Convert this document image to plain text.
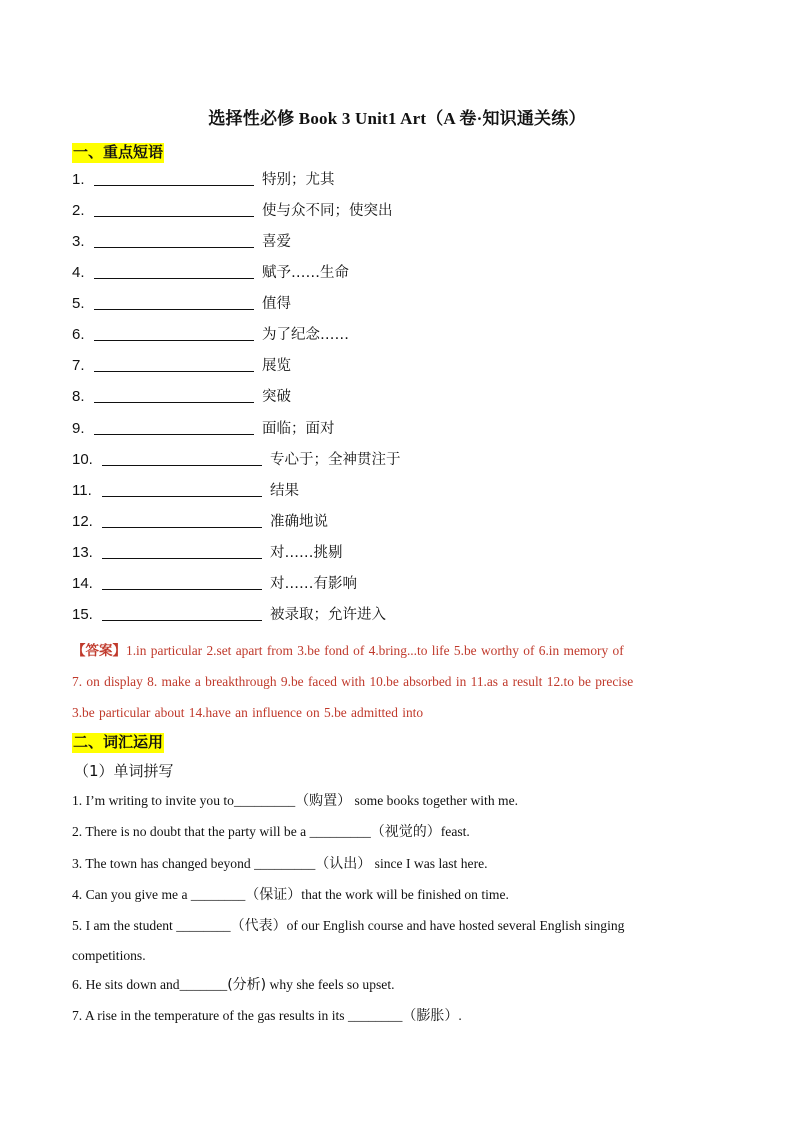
选择性必修 Book 3 Unit1 Art（A 卷·知识通关练）
一、重点短语
1.	特别；尤其
2.	使与众不同；使突出
3.	喜爱
4.	赋予……生命
5.	值得
6.	为了纪念……
7.	展览
8.	突破
9.	面临；面对
10.	专心于；全神贯注于
11.	结果
12.	准确地说
13.	对……挑剔
14.	对……有影响
15.	被录取；允许进入
【答案】1.in particular 2.set apart from 3.be fond of 4.bring...to life 5.be worthy of 6.in memory of
7. on display 8. make a breakthrough 9.be faced with 10.be absorbed in 11.as a result 12.to be precise
3.be particular about 14.have an influence on 5.be admitted into
二、词汇运用
（1）单词拼写
1. I’m writing to invite you to_________（购置） some books together with me.
2. There is no doubt that the party will be a _________（视觉的）feast.
3. The town has changed beyond _________（认出） since I was last here.
4. Can you give me a ________（保证）that the work will be finished on time.
5. I am the student ________（代表）of our English course and have hosted several English singing
competitions.
6. He sits down and_______(分析) why she feels so upset.
7. A rise in the temperature of the gas results in its ________（膨胀）.
